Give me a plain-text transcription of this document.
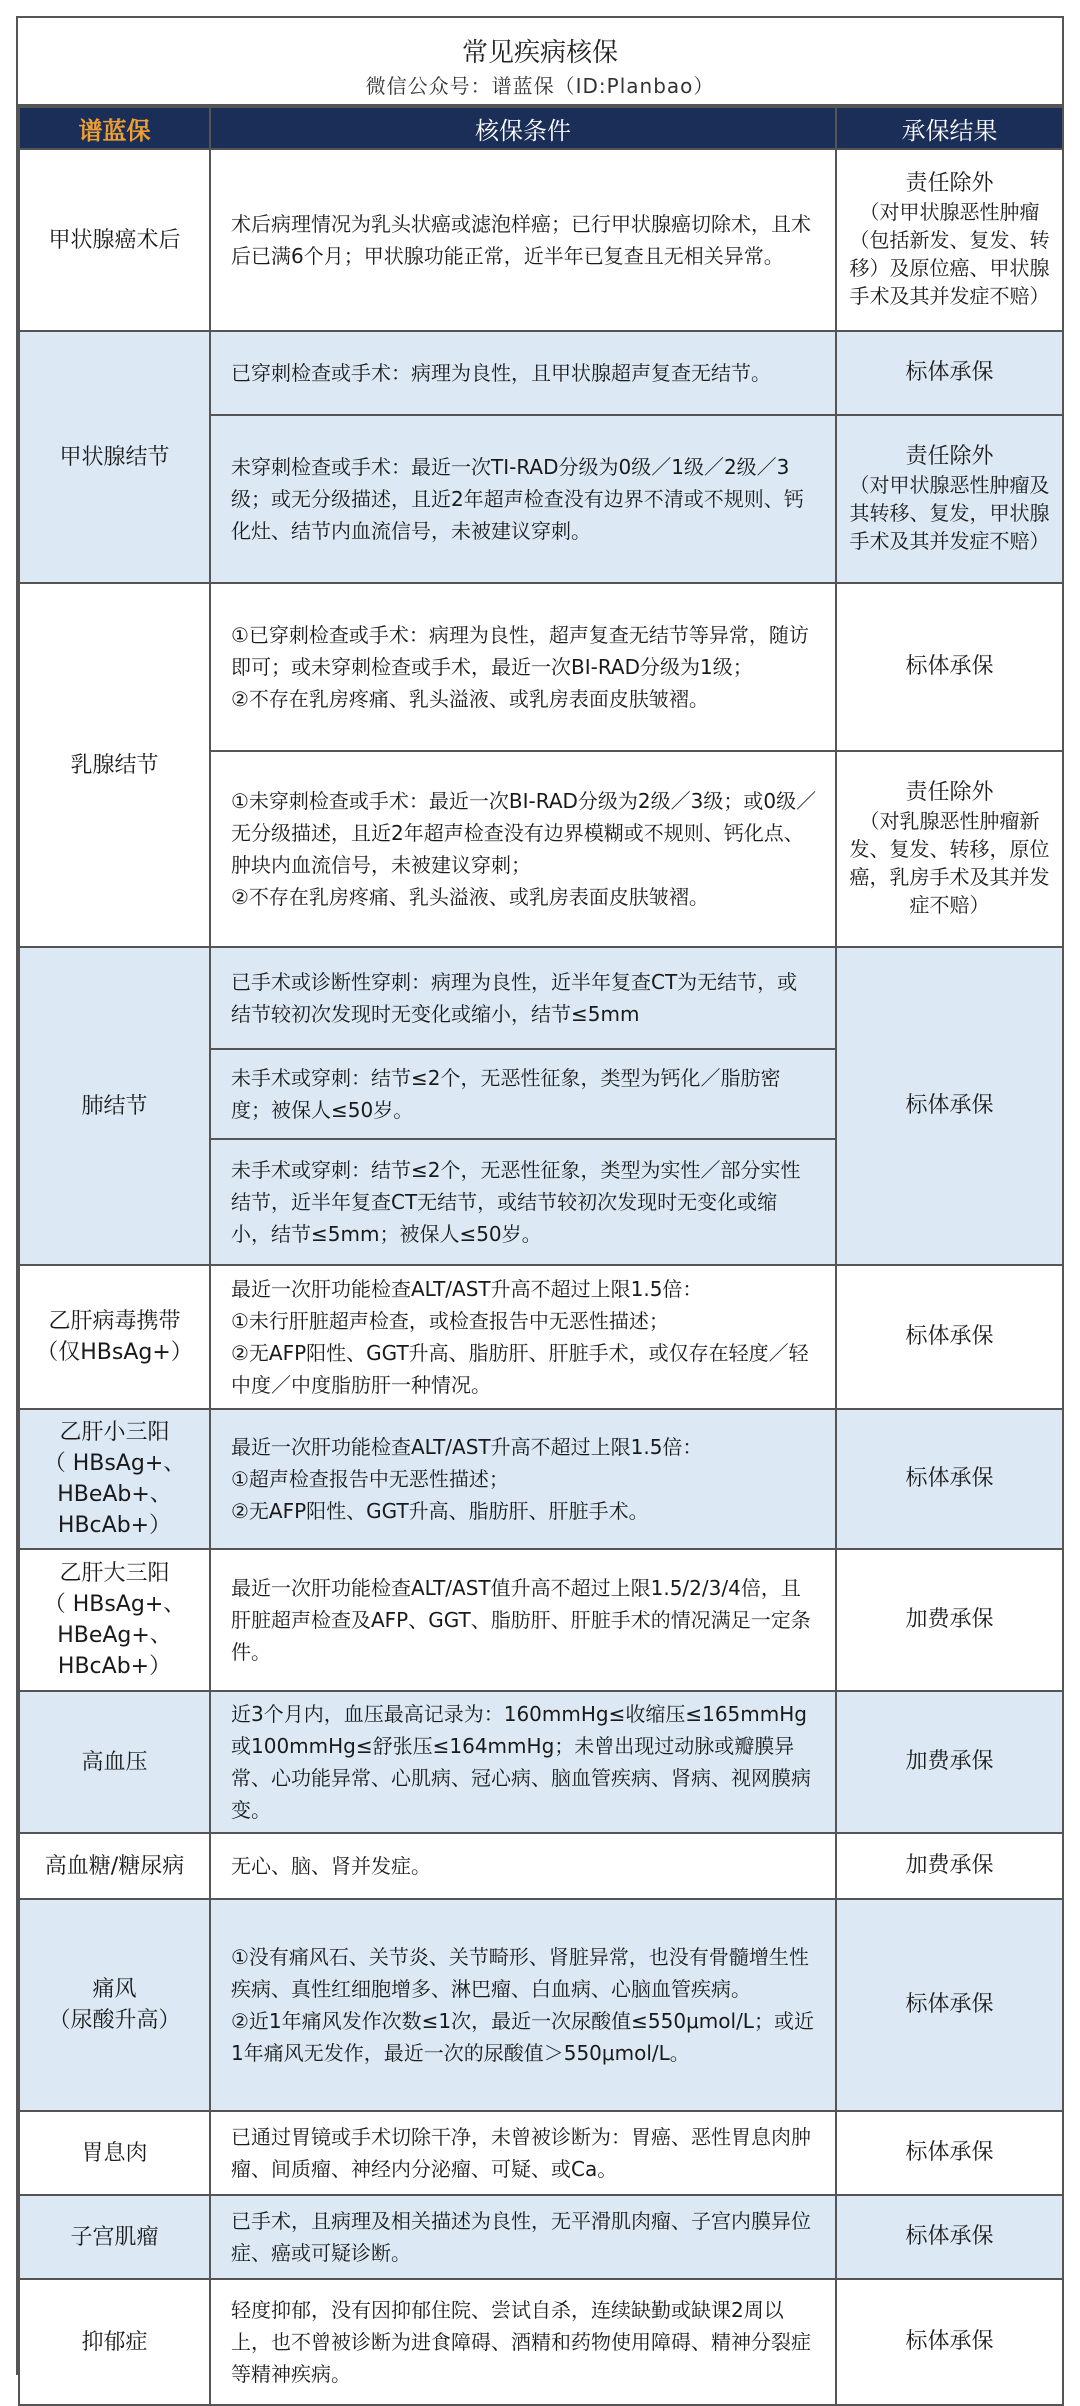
常见疾病核保
微信公众号：谱蓝保（ID:Planbao）
谱蓝保	核保条件	承保结果
甲状腺癌术后	术后病理情况为乳头状癌或滤泡样癌；已行甲状腺癌切除术，且术后已满6个月；甲状腺功能正常，近半年已复查且无相关异常。	责任除外
（对甲状腺恶性肿瘤（包括新发、复发、转移）及原位癌、甲状腺手术及其并发症不赔）

甲状腺结节	已穿刺检查或手术：病理为良性，且甲状腺超声复查无结节。	标体承保

	未穿刺检查或手术：最近一次TI-RAD分级为0级／1级／2级／3级；或无分级描述，且近2年超声检查没有边界不清或不规则、钙化灶、结节内血流信号，未被建议穿刺。	责任除外
（对甲状腺恶性肿瘤及其转移、复发，甲状腺手术及其并发症不赔）

乳腺结节	①已穿刺检查或手术：病理为良性，超声复查无结节等异常，随访即可；或未穿刺检查或手术，最近一次BI-RAD分级为1级；
②不存在乳房疼痛、乳头溢液、或乳房表面皮肤皱褶。	标体承保

	①未穿刺检查或手术：最近一次BI-RAD分级为2级／3级；或0级／无分级描述，且近2年超声检查没有边界模糊或不规则、钙化点、肿块内血流信号，未被建议穿刺；
②不存在乳房疼痛、乳头溢液、或乳房表面皮肤皱褶。	责任除外
（对乳腺恶性肿瘤新发、复发、转移，原位癌，乳房手术及其并发症不赔）

肺结节	已手术或诊断性穿刺：病理为良性，近半年复查CT为无结节，或结节较初次发现时无变化或缩小，结节≤5mm	标体承保

	未手术或穿刺：结节≤2个，无恶性征象，类型为钙化／脂肪密度；被保人≤50岁。	
	未手术或穿刺：结节≤2个，无恶性征象，类型为实性／部分实性结节，近半年复查CT无结节，或结节较初次发现时无变化或缩小，结节≤5mm；被保人≤50岁。	

乙肝病毒携带
（仅HBsAg+）	最近一次肝功能检查ALT/AST升高不超过上限1.5倍：
①未行肝脏超声检查，或检查报告中无恶性描述；
②无AFP阳性、GGT升高、脂肪肝、肝脏手术，或仅存在轻度／轻中度／中度脂肪肝一种情况。	标体承保

乙肝小三阳
（ HBsAg+、
HBeAb+、HBcAb+）	最近一次肝功能检查ALT/AST升高不超过上限1.5倍：
①超声检查报告中无恶性描述；
②无AFP阳性、GGT升高、脂肪肝、肝脏手术。	标体承保

乙肝大三阳
（ HBsAg+、
HBeAg+、
HBcAb+）	最近一次肝功能检查ALT/AST值升高不超过上限1.5/2/3/4倍，且肝脏超声检查及AFP、GGT、脂肪肝、肝脏手术的情况满足一定条件。	加费承保

高血压	近3个月内，血压最高记录为：160mmHg≤收缩压≤165mmHg或100mmHg≤舒张压≤164mmHg；未曾出现过动脉或瓣膜异常、心功能异常、心肌病、冠心病、脑血管疾病、肾病、视网膜病变。	加费承保

高血糖/糖尿病	无心、脑、肾并发症。	加费承保

痛风
（尿酸升高）	①没有痛风石、关节炎、关节畸形、肾脏异常，也没有骨髓增生性疾病、真性红细胞增多、淋巴瘤、白血病、心脑血管疾病。
②近1年痛风发作次数≤1次，最近一次尿酸值≤550μmol/L；或近1年痛风无发作，最近一次的尿酸值＞550μmol/L。	标体承保

胃息肉	已通过胃镜或手术切除干净，未曾被诊断为：胃癌、恶性胃息肉肿瘤、间质瘤、神经内分泌瘤、可疑、或Ca。	标体承保

子宫肌瘤	已手术，且病理及相关描述为良性，无平滑肌肉瘤、子宫内膜异位症、癌或可疑诊断。	标体承保

抑郁症	轻度抑郁，没有因抑郁住院、尝试自杀，连续缺勤或缺课2周以上，也不曾被诊断为进食障碍、酒精和药物使用障碍、精神分裂症等精神疾病。	标体承保
